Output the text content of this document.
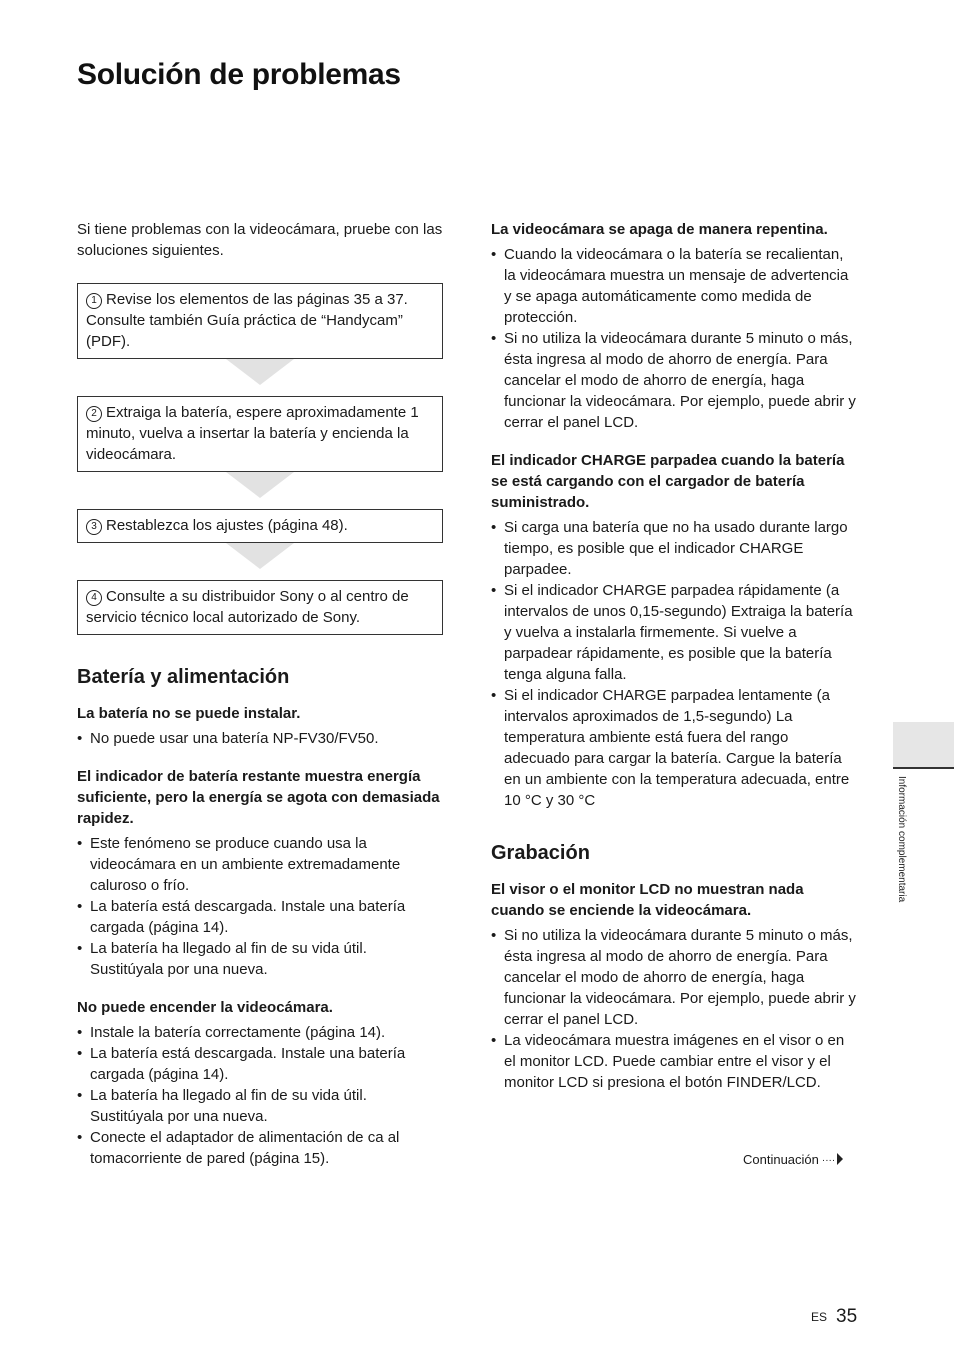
Solución de problemas

Si tiene problemas con la videocámara, pruebe con las soluciones siguientes.

1 Revise los elementos de las páginas 35 a 37. Consulte también Guía práctica de “Handycam” (PDF).
2 Extraiga la batería, espere aproximadamente 1 minuto, vuelva a insertar la batería y encienda la videocámara.
3 Restablezca los ajustes (página 48).
4 Consulte a su distribuidor Sony o al centro de servicio técnico local autorizado de Sony.
Batería y alimentación
La batería no se puede instalar.
• No puede usar una batería NP-FV30/FV50.
El indicador de batería restante muestra energía suficiente, pero la energía se agota con demasiada rapidez.
• Este fenómeno se produce cuando usa la videocámara en un ambiente extremadamente caluroso o frío.
• La batería está descargada. Instale una batería cargada (página 14).
• La batería ha llegado al fin de su vida útil. Sustitúyala por una nueva.
No puede encender la videocámara.
• Instale la batería correctamente (página 14).
• La batería está descargada. Instale una batería cargada (página 14).
• La batería ha llegado al fin de su vida útil. Sustitúyala por una nueva.
• Conecte el adaptador de alimentación de ca al tomacorriente de pared (página 15).
La videocámara se apaga de manera repentina.
• Cuando la videocámara o la batería se recalientan, la videocámara muestra un mensaje de advertencia y se apaga automáticamente como medida de protección.
• Si no utiliza la videocámara durante 5 minuto o más, ésta ingresa al modo de ahorro de energía. Para cancelar el modo de ahorro de energía, haga funcionar la videocámara. Por ejemplo, puede abrir y cerrar el panel LCD.
El indicador CHARGE parpadea cuando la batería se está cargando con el cargador de batería suministrado.
• Si carga una batería que no ha usado durante largo tiempo, es posible que el indicador CHARGE parpadee.
• Si el indicador CHARGE parpadea rápidamente (a intervalos de unos 0,15-segundo) Extraiga la batería y vuelva a instalarla firmemente. Si vuelve a parpadear rápidamente, es posible que la batería tenga alguna falla.
• Si el indicador CHARGE parpadea lentamente (a intervalos aproximados de 1,5-segundo) La temperatura ambiente está fuera del rango adecuado para cargar la batería. Cargue la batería en un ambiente con la temperatura adecuada, entre 10 °C y 30 °C
Grabación
El visor o el monitor LCD no muestran nada cuando se enciende la videocámara.
• Si no utiliza la videocámara durante 5 minuto o más, ésta ingresa al modo de ahorro de energía. Para cancelar el modo de ahorro de energía, haga funcionar la videocámara. Por ejemplo, puede abrir y cerrar el panel LCD.
• La videocámara muestra imágenes en el visor o en el monitor LCD. Puede cambiar entre el visor y el monitor LCD si presiona el botón FINDER/LCD.
Continuación ····
Información complementaria
ES 35
